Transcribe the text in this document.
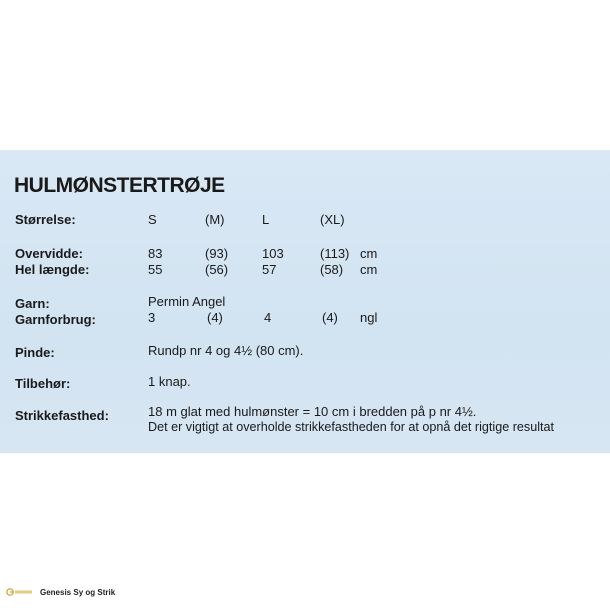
HULMØNSTERTRØJE
Størrelse:	S	(M)	L	(XL)
Overvidde:	83	(93)	103	(113) cm
Hel længde:	55	(56)	57	(58) cm
Garn:	Permin Angel
Garnforbrug:	3	(4)	4	(4) ngl
Pinde:	Rundp nr 4 og 4½ (80 cm).
Tilbehør:	1 knap.
Strikkefasthed:	18 m glat med hulmønster = 10 cm i bredden på p nr 4½.
Det er vigtigt at overholde strikkefastheden for at opnå det rigtige resultat
Genesis Sy og Strik
